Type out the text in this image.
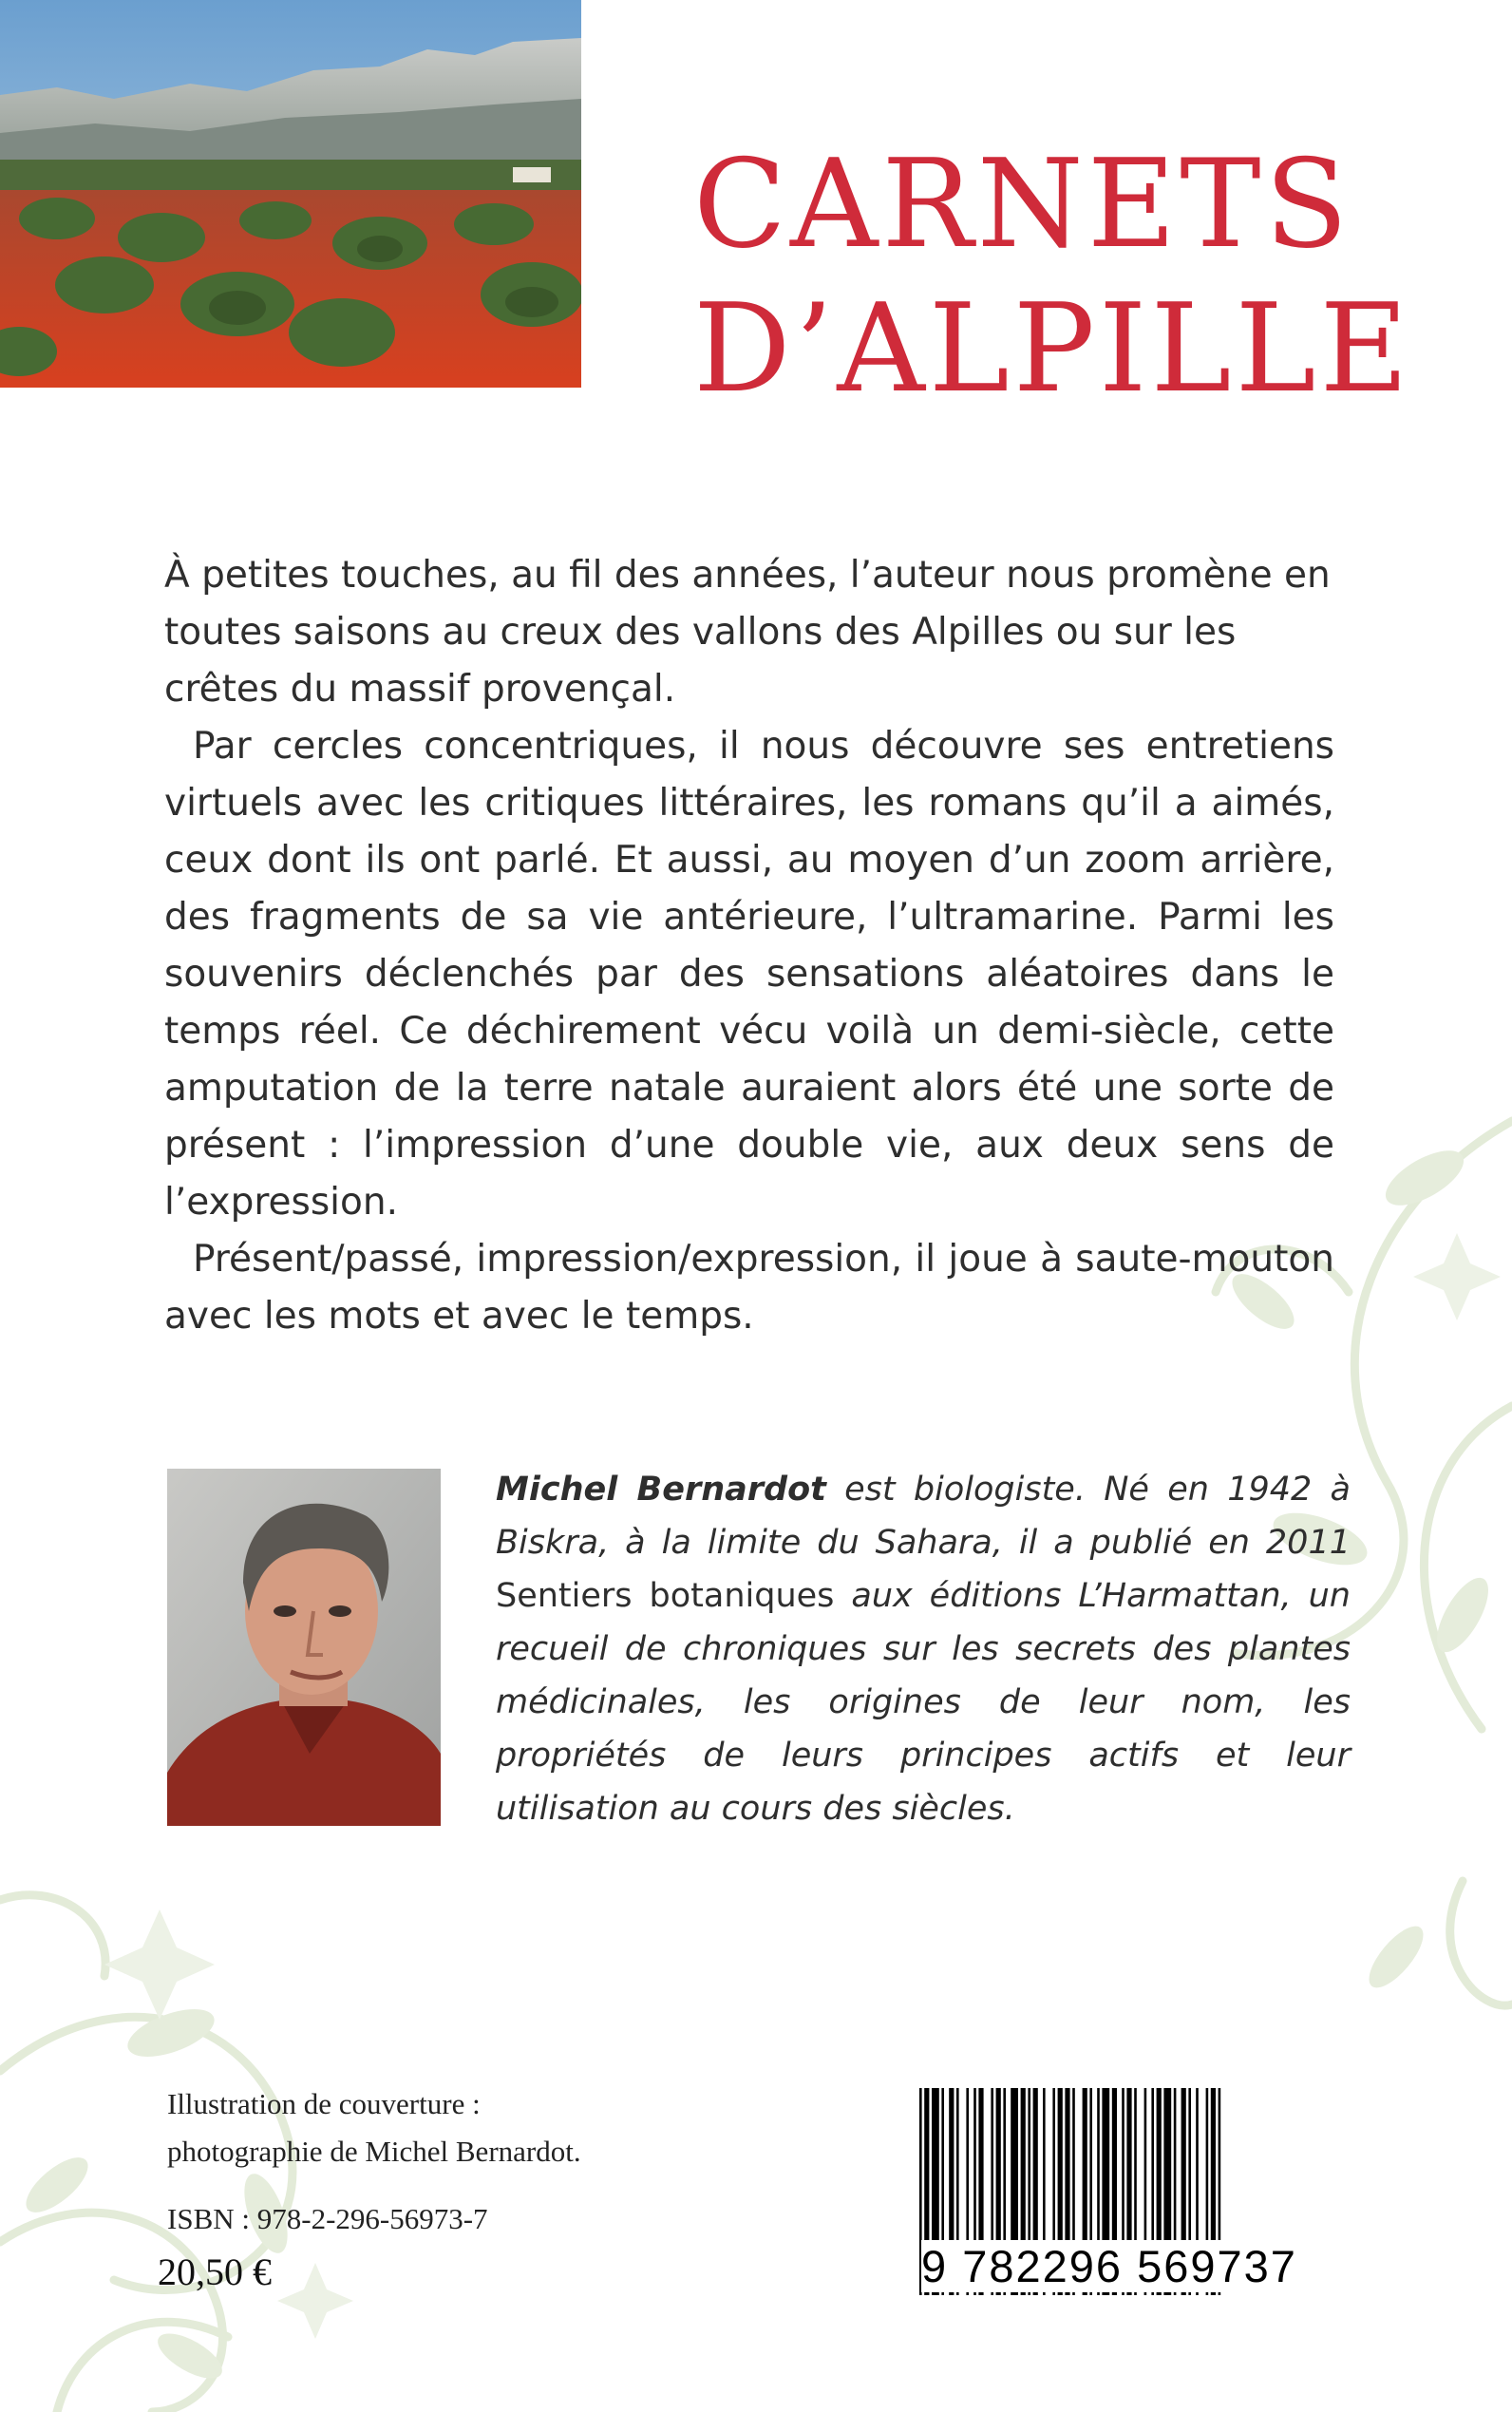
CARNETS
D’ALPILLE

À petites touches, au fil des années, l’auteur nous promène en toutes saisons au creux des vallons des Alpilles ou sur les crêtes du massif provençal.

Par cercles concentriques, il nous découvre ses entretiens virtuels avec les critiques littéraires, les romans qu’il a aimés, ceux dont ils ont parlé. Et aussi, au moyen d’un zoom arrière, des fragments de sa vie antérieure, l’ultramarine. Parmi les souvenirs déclenchés par des sensations aléatoires dans le temps réel. Ce déchirement vécu voilà un demi-siècle, cette amputation de la terre natale auraient alors été une sorte de présent : l’impression d’une double vie, aux deux sens de l’expression.

Présent/passé, impression/expression, il joue à saute-mouton avec les mots et avec le temps.

Michel Bernardot est biologiste. Né en 1942 à Biskra, à la limite du Sahara, il a publié en 2011 Sentiers botaniques aux éditions L’Harmattan, un recueil de chroniques sur les secrets des plantes médicinales, les origines de leur nom, les propriétés de leurs principes actifs et leur utilisation au cours des siècles.

Illustration de couverture :
photographie de Michel Bernardot.
ISBN : 978-2-296-56973-7
20,50 €	9 782296 569737
